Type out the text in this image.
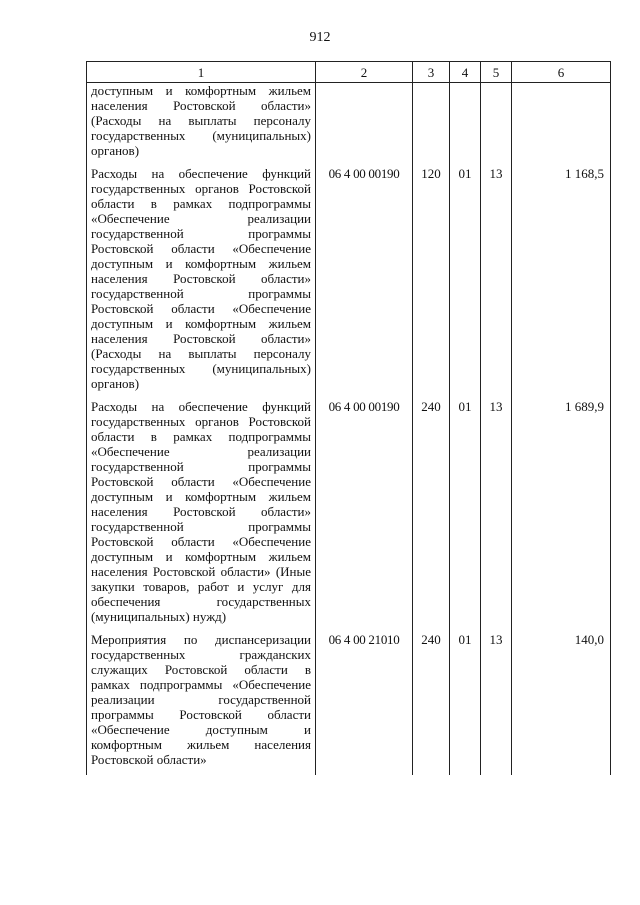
912
1	2	3	4	5	6
доступным и комфортным жильем населения Ростовской области» (Расходы на выплаты персоналу государственных (муниципальных) органов)					
Расходы на обеспечение функций государственных органов Ростовской области в рамках подпрограммы «Обеспечение реализации государственной программы Ростовской области «Обеспечение доступным и комфортным жильем населения Ростовской области» государственной программы Ростовской области «Обеспечение доступным и комфортным жильем населения Ростовской области» (Расходы на выплаты персоналу государственных (муниципальных) органов)	06 4 00 00190	120	01	13	1 168,5
Расходы на обеспечение функций государственных органов Ростовской области в рамках подпрограммы «Обеспечение реализации государственной программы Ростовской области «Обеспечение доступным и комфортным жильем населения Ростовской области» государственной программы Ростовской области «Обеспечение доступным и комфортным жильем населения Ростовской области» (Иные закупки товаров, работ и услуг для обеспечения государственных (муниципальных) нужд)	06 4 00 00190	240	01	13	1 689,9
Мероприятия по диспансеризации государственных гражданских служащих Ростовской области в рамках подпрограммы «Обеспечение реализации государственной программы Ростовской области «Обеспечение доступным и комфортным жильем населения Ростовской области»	06 4 00 21010	240	01	13	140,0
